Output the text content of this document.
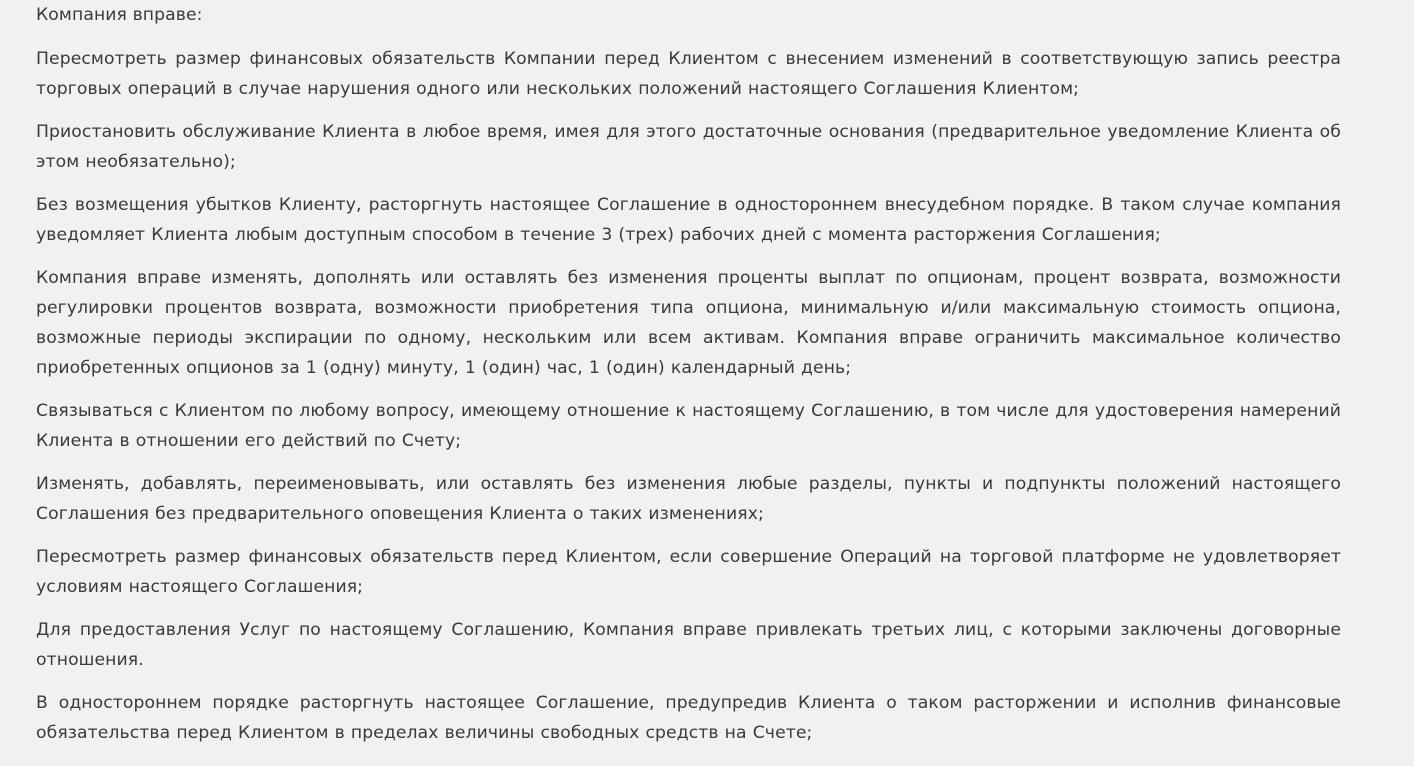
Компания вправе:

Пересмотреть размер финансовых обязательств Компании перед Клиентом с внесением изменений в соответствующую запись реестра торговых операций в случае нарушения одного или нескольких положений настоящего Соглашения Клиентом;

Приостановить обслуживание Клиента в любое время, имея для этого достаточные основания (предварительное уведомление Клиента об этом необязательно);

Без возмещения убытков Клиенту, расторгнуть настоящее Соглашение в одностороннем внесудебном порядке. В таком случае компания уведомляет Клиента любым доступным способом в течение 3 (трех) рабочих дней с момента расторжения Соглашения;

Компания вправе изменять, дополнять или оставлять без изменения проценты выплат по опционам, процент возврата, возможности регулировки процентов возврата, возможности приобретения типа опциона, минимальную и/или максимальную стоимость опциона, возможные периоды экспирации по одному, нескольким или всем активам. Компания вправе ограничить максимальное количество приобретенных опционов за 1 (одну) минуту, 1 (один) час, 1 (один) календарный день;

Связываться с Клиентом по любому вопросу, имеющему отношение к настоящему Соглашению, в том числе для удостоверения намерений Клиента в отношении его действий по Счету;

Изменять, добавлять, переименовывать, или оставлять без изменения любые разделы, пункты и подпункты положений настоящего Соглашения без предварительного оповещения Клиента о таких изменениях;

Пересмотреть размер финансовых обязательств перед Клиентом, если совершение Операций на торговой платформе не удовлетворяет условиям настоящего Соглашения;

Для предоставления Услуг по настоящему Соглашению, Компания вправе привлекать третьих лиц, с которыми заключены договорные отношения.

В одностороннем порядке расторгнуть настоящее Соглашение, предупредив Клиента о таком расторжении и исполнив финансовые обязательства перед Клиентом в пределах величины свободных средств на Счете;
